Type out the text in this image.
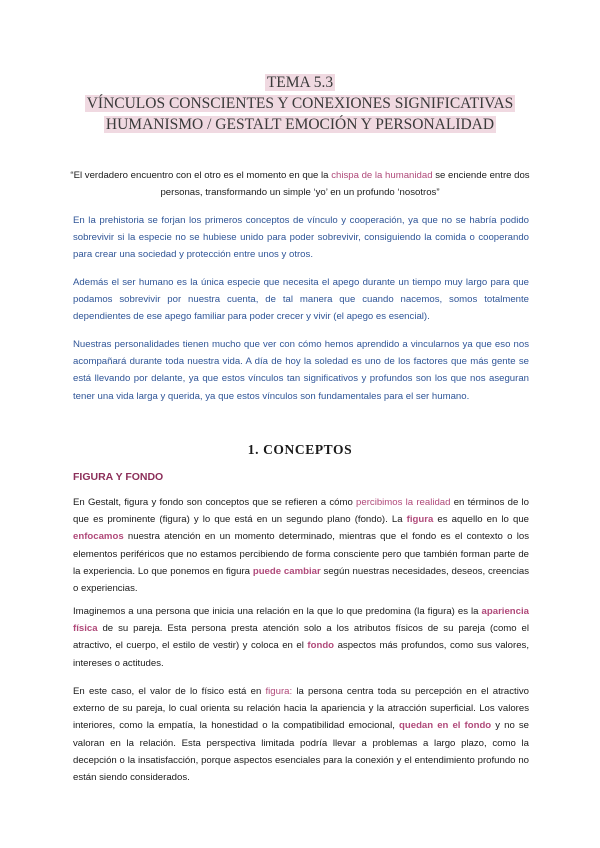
TEMA 5.3
VÍNCULOS CONSCIENTES Y CONEXIONES SIGNIFICATIVAS
HUMANISMO / GESTALT EMOCIÓN Y PERSONALIDAD
“El verdadero encuentro con el otro es el momento en que la chispa de la humanidad se enciende entre dos personas, transformando un simple ‘yo’ en un profundo ‘nosotros”
En la prehistoria se forjan los primeros conceptos de vínculo y cooperación, ya que no se habría podido sobrevivir si la especie no se hubiese unido para poder sobrevivir, consiguiendo la comida o cooperando para crear una sociedad y protección entre unos y otros.
Además el ser humano es la única especie que necesita el apego durante un tiempo muy largo para que podamos sobrevivir por nuestra cuenta, de tal manera que cuando nacemos, somos totalmente dependientes de ese apego familiar para poder crecer y vivir (el apego es esencial).
Nuestras personalidades tienen mucho que ver con cómo hemos aprendido a vincularnos ya que eso nos acompañará durante toda nuestra vida. A día de hoy la soledad es uno de los factores que más gente se está llevando por delante, ya que estos vínculos tan significativos y profundos son los que nos aseguran tener una vida larga y querida, ya que estos vínculos son fundamentales para el ser humano.
1. CONCEPTOS
FIGURA Y FONDO
En Gestalt, figura y fondo son conceptos que se refieren a cómo percibimos la realidad en términos de lo que es prominente (figura) y lo que está en un segundo plano (fondo). La figura es aquello en lo que enfocamos nuestra atención en un momento determinado, mientras que el fondo es el contexto o los elementos periféricos que no estamos percibiendo de forma consciente pero que también forman parte de la experiencia. Lo que ponemos en figura puede cambiar según nuestras necesidades, deseos, creencias o experiencias.
Imaginemos a una persona que inicia una relación en la que lo que predomina (la figura) es la apariencia física de su pareja. Esta persona presta atención solo a los atributos físicos de su pareja (como el atractivo, el cuerpo, el estilo de vestir) y coloca en el fondo aspectos más profundos, como sus valores, intereses o actitudes.
En este caso, el valor de lo físico está en figura: la persona centra toda su percepción en el atractivo externo de su pareja, lo cual orienta su relación hacia la apariencia y la atracción superficial. Los valores interiores, como la empatía, la honestidad o la compatibilidad emocional, quedan en el fondo y no se valoran en la relación. Esta perspectiva limitada podría llevar a problemas a largo plazo, como la decepción o la insatisfacción, porque aspectos esenciales para la conexión y el entendimiento profundo no están siendo considerados.
